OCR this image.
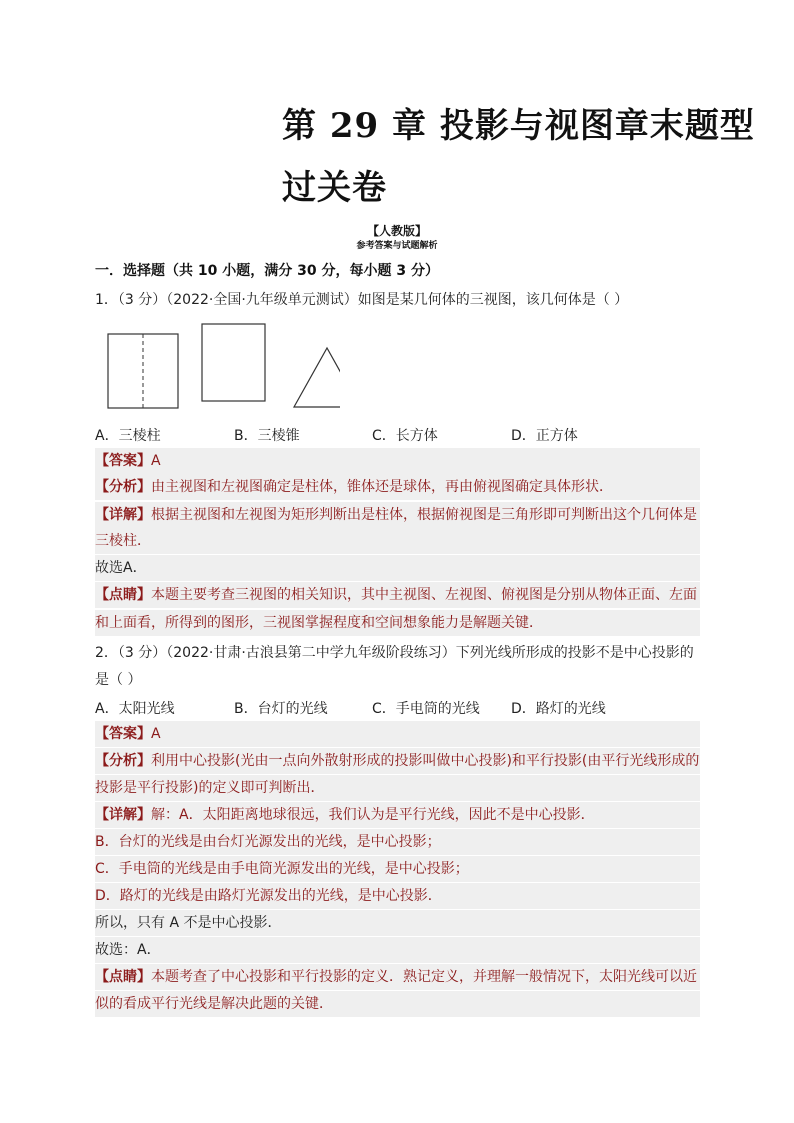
第 29 章 投影与视图章末题型
过关卷
【人教版】
参考答案与试题解析
一．选择题（共 10 小题，满分 30 分，每小题 3 分）
1．（3 分）（2022·全国·九年级单元测试）如图是某几何体的三视图，该几何体是（ ）
A．三棱柱	B．三棱锥	C．长方体	D．正方体
【答案】A
【分析】由主视图和左视图确定是柱体，锥体还是球体，再由俯视图确定具体形状．
【详解】根据主视图和左视图为矩形判断出是柱体，根据俯视图是三角形即可判断出这个几何体是
三棱柱．
故选A．
【点睛】本题主要考查三视图的相关知识，其中主视图、左视图、俯视图是分别从物体正面、左面
和上面看，所得到的图形，三视图掌握程度和空间想象能力是解题关键．
2．（3 分）（2022·甘肃·古浪县第二中学九年级阶段练习）下列光线所形成的投影不是中心投影的
是（ ）
A．太阳光线	B．台灯的光线	C．手电筒的光线 D．路灯的光线
【答案】A
【分析】利用中心投影(光由一点向外散射形成的投影叫做中心投影)和平行投影(由平行光线形成的
投影是平行投影)的定义即可判断出．
【详解】解：A．太阳距离地球很远，我们认为是平行光线，因此不是中心投影．
B．台灯的光线是由台灯光源发出的光线，是中心投影；
C．手电筒的光线是由手电筒光源发出的光线，是中心投影；
D．路灯的光线是由路灯光源发出的光线，是中心投影．
所以，只有 A 不是中心投影．
故选：A．
【点睛】本题考查了中心投影和平行投影的定义．熟记定义，并理解一般情况下，太阳光线可以近
似的看成平行光线是解决此题的关键．
